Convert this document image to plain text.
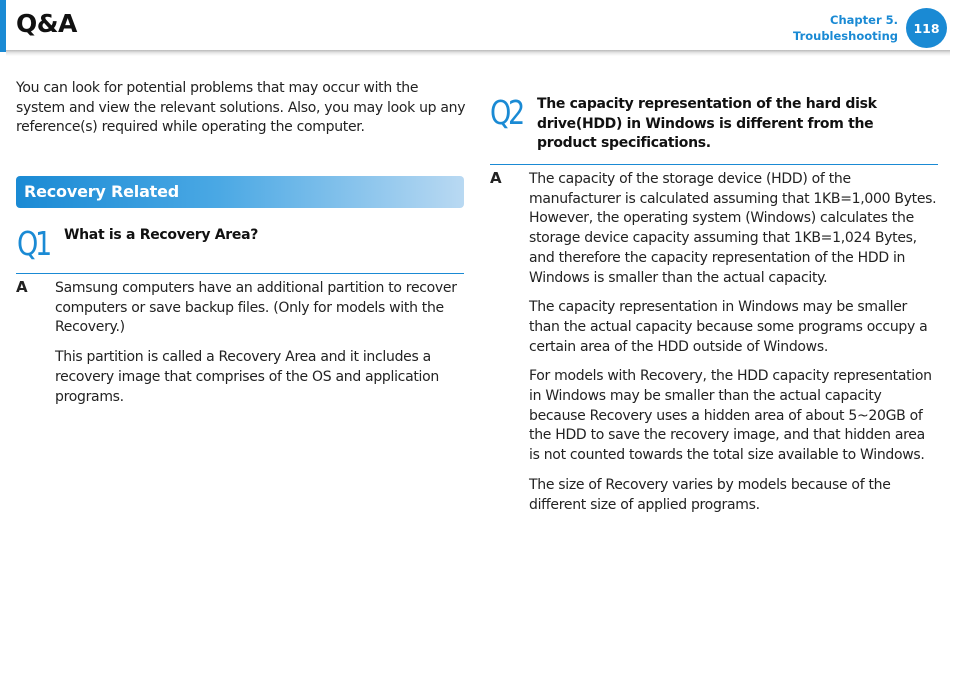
Q&A	Chapter 5.
Troubleshooting
118
You can look for potential problems that may occur with the system and view the relevant solutions. Also, you may look up any reference(s) required while operating the computer.
Recovery Related
Q1 What is a Recovery Area?
A Samsung computers have an additional partition to recover computers or save backup files. (Only for models with the Recovery.)

This partition is called a Recovery Area and it includes a recovery image that comprises of the OS and application programs.

Q2 The capacity representation of the hard disk drive(HDD) in Windows is different from the product specifications.
A The capacity of the storage device (HDD) of the manufacturer is calculated assuming that 1KB=1,000 Bytes. However, the operating system (Windows) calculates the storage device capacity assuming that 1KB=1,024 Bytes, and therefore the capacity representation of the HDD in Windows is smaller than the actual capacity.

The capacity representation in Windows may be smaller than the actual capacity because some programs occupy a certain area of the HDD outside of Windows.

For models with Recovery, the HDD capacity representation in Windows may be smaller than the actual capacity because Recovery uses a hidden area of about 5~20GB of the HDD to save the recovery image, and that hidden area is not counted towards the total size available to Windows.

The size of Recovery varies by models because of the different size of applied programs.
